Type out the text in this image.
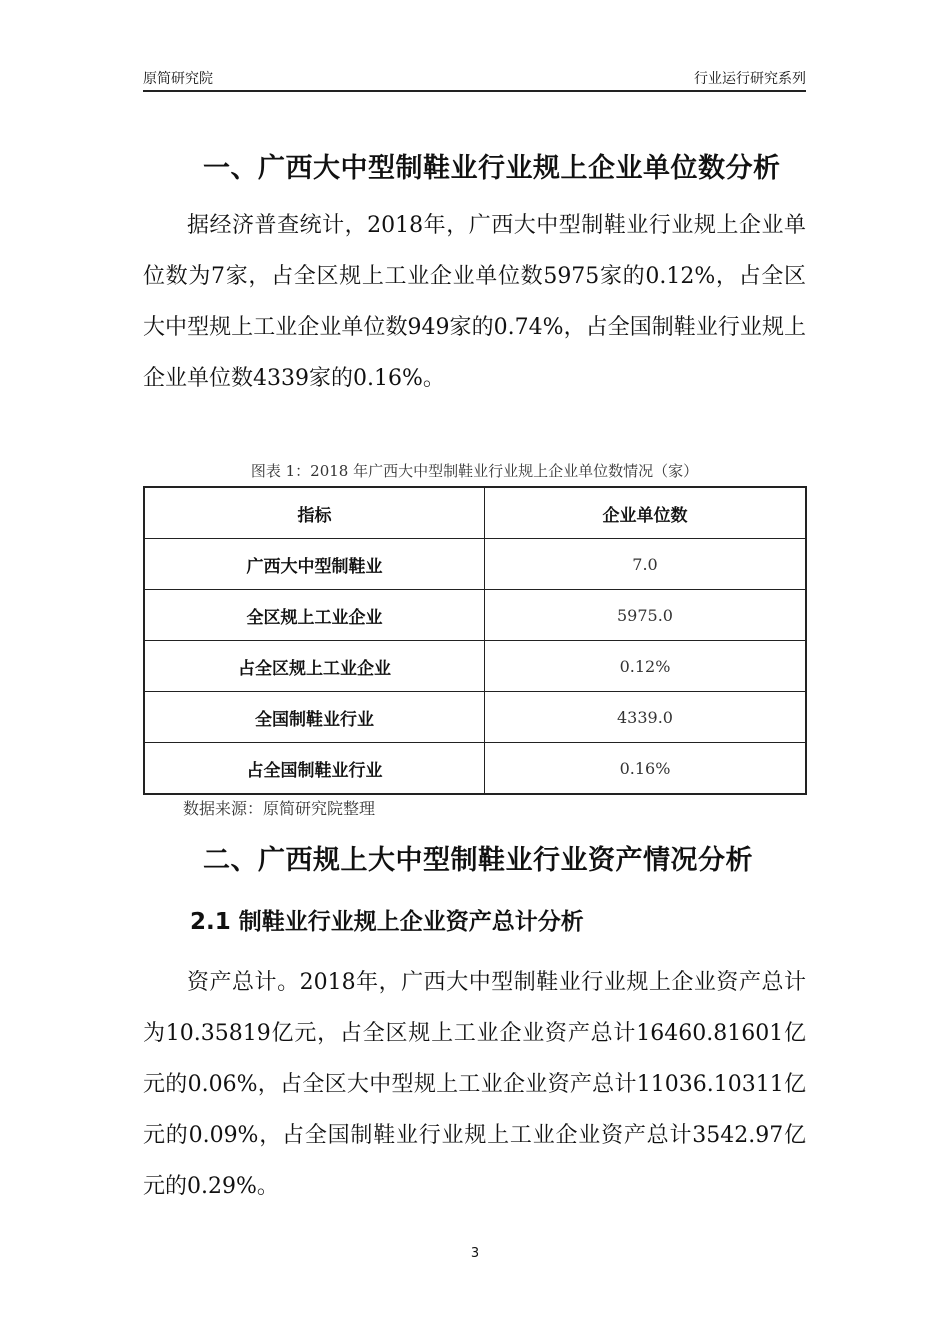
原简研究院	行业运行研究系列
一、广西大中型制鞋业行业规上企业单位数分析
据经济普查统计，2018年，广西大中型制鞋业行业规上企业单位数为7家，占全区规上工业企业单位数5975家的0.12%，占全区大中型规上工业企业单位数949家的0.74%，占全国制鞋业行业规上企业单位数4339家的0.16%。
图表 1：2018 年广西大中型制鞋业行业规上企业单位数情况（家）
指标	企业单位数
广西大中型制鞋业	7.0
全区规上工业企业	5975.0
占全区规上工业企业	0.12%
全国制鞋业行业	4339.0
占全国制鞋业行业	0.16%
数据来源：原简研究院整理
二、广西规上大中型制鞋业行业资产情况分析
2.1 制鞋业行业规上企业资产总计分析
资产总计。2018年，广西大中型制鞋业行业规上企业资产总计为10.35819亿元，占全区规上工业企业资产总计16460.81601亿元的0.06%，占全区大中型规上工业企业资产总计11036.10311亿元的0.09%，占全国制鞋业行业规上工业企业资产总计3542.97亿元的0.29%。
3
